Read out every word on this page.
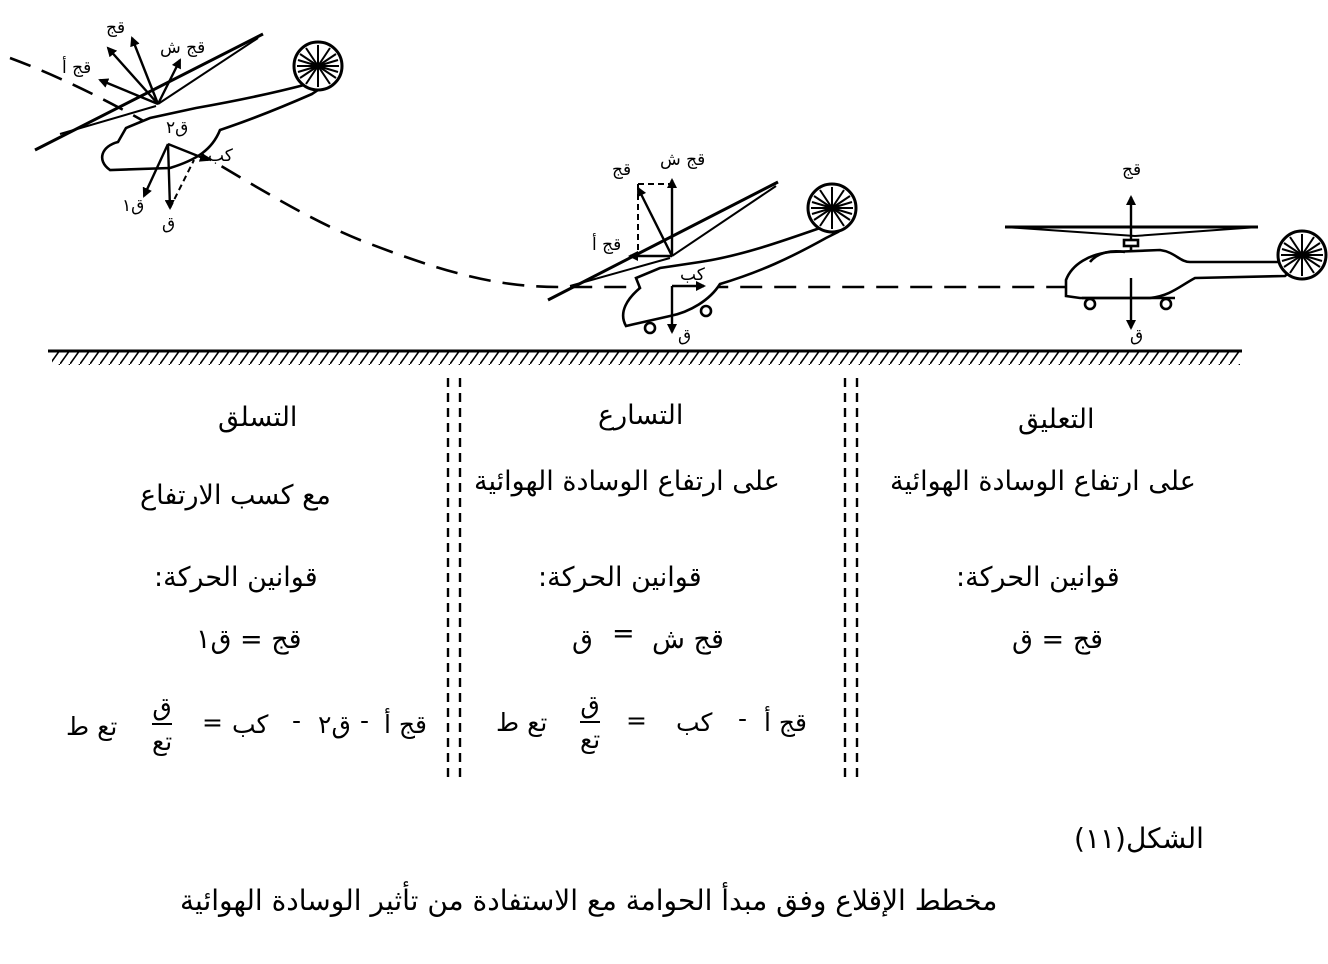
قج
ق
قج قج ش
قج أ
كب
ق
قج
قج ش
قج أ
ق٢
كب
ق١
ق
التعليق
على ارتفاع الوسادة الهوائية
قوانين الحركة:
قج = ق
التسارع
على ارتفاع الوسادة الهوائية
قوانين الحركة:
قج ش
=
ق
قج أ
-
كب
=
ق
تع
تع ط
التسلق
مع كسب الارتفاع
قوانين الحركة:
قج = ق١
قج أ
-
ق٢
-
كب
=
ق
تع
تع ط
الشكل(١١)
مخطط الإقلاع وفق مبدأ الحوامة مع الاستفادة من تأثير الوسادة الهوائية
